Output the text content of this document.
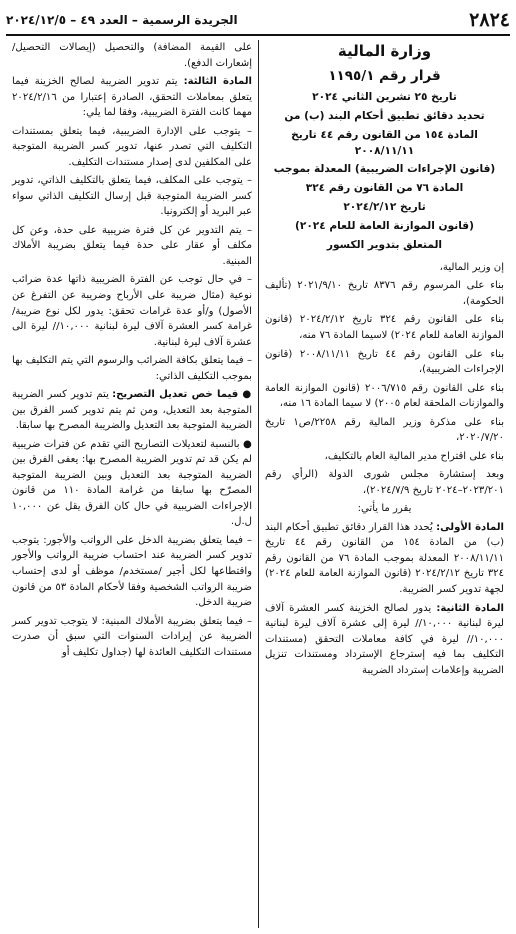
الجريدة الرسمية – العدد ٤٩ – ٢٠٢٤/١٢/٥	٢٨٢٤

وزارة المالية

قرار رقم ١١٩٥/١

تاريخ ٢٥ تشرين الثاني ٢٠٢٤

تحديد دقائق تطبيق أحكام البند (ب) من

المادة ١٥٤ من القانون رقم ٤٤ تاريخ ٢٠٠٨/١١/١١

(قانون الإجراءات الضريبية) المعدلة بموجب

المادة ٧٦ من القانون رقم ٣٢٤

تاريخ ٢٠٢٤/٢/١٢

(قانون الموازنة العامة للعام ٢٠٢٤)

المتعلق بتدوير الكسور

إن وزير المالية،

بناء على المرسوم رقم ٨٣٧٦ تاريخ ٢٠٢١/٩/١٠ (تأليف الحكومة)،

بناء على القانون رقم ٣٢٤ تاريخ ٢٠٢٤/٢/١٢ (قانون الموازنة العامة للعام ٢٠٢٤) لاسيما المادة ٧٦ منه،

بناء على القانون رقم ٤٤ تاريخ ٢٠٠٨/١١/١١ (قانون الإجراءات الضريبية)،

بناء على القانون رقم ٢٠٠٦/٧١٥ (قانون الموازنة العامة والموازنات الملحقة لعام ٢٠٠٥) لا سيما المادة ١٦ منه،

بناء على مذكرة وزير المالية رقم ٢٢٥٨/ص١ تاريخ ٢٠٢٠/٧/٢٠،

بناء على اقتراح مدير المالية العام بالتكليف،

وبعد إستشارة مجلس شورى الدولة (الرأي رقم ٢٠٢٣/٢٠١–٢٠٢٤ تاريخ ٢٠٢٤/٧/٩)،

يقرر ما يأتي:

المادة الأولى: يُحدد هذا القرار دقائق تطبيق أحكام البند (ب) من المادة ١٥٤ من القانون رقم ٤٤ تاريخ ٢٠٠٨/١١/١١ المعدلة بموجب المادة ٧٦ من القانون رقم ٣٢٤ تاريخ ٢٠٢٤/٢/١٢ (قانون الموازنة العامة للعام ٢٠٢٤) لجهة تدوير كسر الضريبة.

المادة الثانية: يدور لصالح الخزينة كسر العشرة آلاف ليرة لبنانية ١٠,٠٠٠// ليرة إلى عشرة آلاف ليرة لبنانية ١٠,٠٠٠// ليرة في كافة معاملات التحقق (مستندات التكليف بما فيه إسترجاع الإسترداد ومستندات تنزيل الضريبة وإعلامات إسترداد الضريبة

على القيمة المضافة) والتحصيل (إيصالات التحصيل/ إشعارات الدفع).

المادة الثالثة: يتم تدوير الضريبة لصالح الخزينة فيما يتعلق بمعاملات التحقق، الصادرة إعتبارا من ٢٠٢٤/٢/١٦ مهما كانت الفترة الضريبية، وفقا لما يلي:

– يتوجب على الإدارة الضريبية، فيما يتعلق بمستندات التكليف التي تصدر عنها، تدوير كسر الضريبة المتوجبة على المكلفين لدى إصدار مستندات التكليف.

– يتوجب على المكلف، فيما يتعلق بالتكليف الذاتي، تدوير كسر الضريبة المتوجبة قبل إرسال التكليف الذاتي سواء عبر البريد أو إلكترونيا.

– يتم التدوير عن كل فترة ضريبية على حدة، وعن كل مكلف أو عقار على حدة فيما يتعلق بضريبة الأملاك المبنية.

– في حال توجب عن الفترة الضريبية ذاتها عدة ضرائب نوعية (مثال ضريبة على الأرباح وضريبة عن التفرغ عن الأصول) و/أو عدة غرامات تحقق: يدور لكل نوع ضريبة/ غرامة كسر العشرة آلاف ليرة لبنانية ١٠,٠٠٠// ليرة الى عشرة آلاف ليرة لبنانية.

– فيما يتعلق بكافة الضرائب والرسوم التي يتم التكليف بها بموجب التكليف الذاتي:

● فيما خص تعديل التصريح: يتم تدوير كسر الضريبة المتوجبة بعد التعديل، ومن ثم يتم تدوير كسر الفرق بين الضريبة المتوجبة بعد التعديل والضريبة المصرح بها سابقا.

● بالنسبة لتعديلات التصاريح التي تقدم عن فترات ضريبية لم يكن قد تم تدوير الضريبة المصرح بها: يعفى الفرق بين الضريبة المتوجبة بعد التعديل وبين الضريبة المتوجبة المصرّح بها سابقا من غرامة المادة ١١٠ من قانون الإجراءات الضريبية في حال كان الفرق يقل عن ١٠,٠٠٠ ل.ل.

– فيما يتعلق بضريبة الدخل على الرواتب والأجور: يتوجب تدوير كسر الضريبة عند احتساب ضريبة الرواتب والأجور واقتطاعها لكل أجير /مستخدم/ موظف أو لدى إحتساب ضريبة الرواتب الشخصية وفقا لأحكام المادة ٥٣ من قانون ضريبة الدخل.

– فيما يتعلق بضريبة الأملاك المبنية: لا يتوجب تدوير كسر الضريبة عن إيرادات السنوات التي سبق أن صدرت مستندات التكليف العائدة لها (جداول تكليف أو
